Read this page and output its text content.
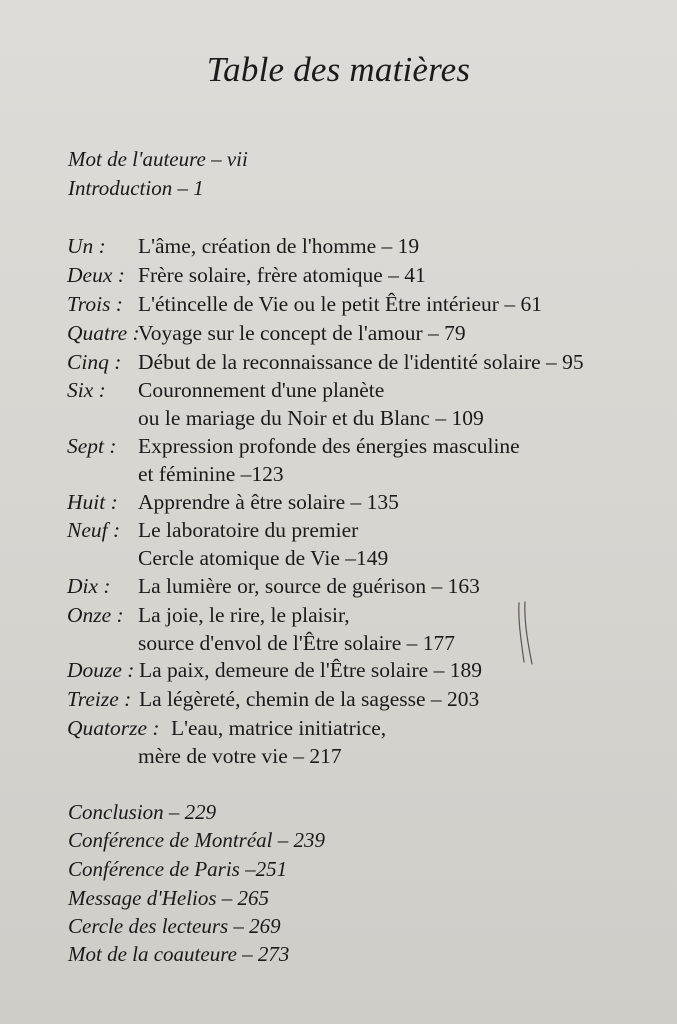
Table des matières
Mot de l'auteure – vii
Introduction – 1
Un : L'âme, création de l'homme – 19
Deux : Frère solaire, frère atomique – 41
Trois : L'étincelle de Vie ou le petit Être intérieur – 61
Quatre :
Voyage sur le concept de l'amour – 79
Cinq : Début de la reconnaissance de l'identité solaire – 95
Six : Couronnement d'une planète
ou le mariage du Noir et du Blanc – 109
Sept : Expression profonde des énergies masculine
et féminine –123
Huit : Apprendre à être solaire – 135
Neuf : Le laboratoire du premier
Cercle atomique de Vie –149
Dix : La lumière or, source de guérison – 163
Onze : La joie, le rire, le plaisir,
source d'envol de l'Être solaire – 177
Douze : La paix, demeure de l'Être solaire – 189
Treize : La légèreté, chemin de la sagesse – 203
Quatorze : L'eau, matrice initiatrice,
mère de votre vie – 217
Conclusion – 229
Conférence de Montréal – 239
Conférence de Paris –251
Message d'Helios – 265
Cercle des lecteurs – 269
Mot de la coauteure – 273
